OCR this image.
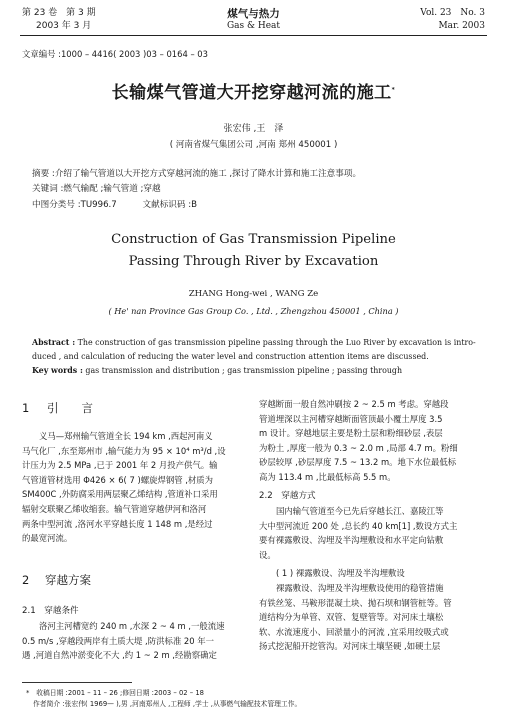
第 23 卷　第 3 期
2003 年 3 月
煤气与热力
Gas & Heat
Vol. 23　No. 3
Mar. 2003
文章编号 :1000 – 4416( 2003 )03 – 0164 – 03
长输煤气管道大开挖穿越河流的施工*
张宏伟 ,王　泽
( 河南省煤气集团公司 ,河南 郑州 450001 )
摘要 :介绍了输气管道以大开挖方式穿越河流的施工 ,探讨了降水计算和施工注意事项。
关键词 :燃气输配 ;输气管道 ;穿越
中图分类号 :TU996.7　　　文献标识码 :B
Construction of Gas Transmission Pipeline
Passing Through River by Excavation
ZHANG Hong-wei , WANG Ze
( He' nan Province Gas Group Co. , Ltd. , Zhengzhou 450001 , China )
Abstract : The construction of gas transmission pipeline passing through the Luo River by excavation is intro-
duced , and calculation of reducing the water level and construction attention items are discussed.
Key words : gas transmission and distribution ; gas transmission pipeline ; passing through
1 引　　言
义马—郑州输气管道全长 194 km ,西起河南义
马气化厂 ,东至郑州市 ,输气能力为 95 × 10⁴ m³/d ,设
计压力为 2.5 MPa ,已于 2001 年 2 月投产供气。输
气管道管材选用 Φ426 × 6( 7 )螺旋焊钢管 ,材质为
SM400C ,外防腐采用两层聚乙烯结构 ,管道补口采用
辐射交联聚乙烯收缩套。输气管道穿越伊河和洛河
两条中型河流 ,洛河水平穿越长度 1 148 m ,是经过
的最宽河流。
2 穿越方案
2.1　穿越条件
洛河主河槽宽约 240 m ,水深 2 ~ 4 m ,一般流速
0.5 m/s ,穿越段两岸有土质大堤 ,防洪标准 20 年一
遇 ,河道自然冲淤变化不大 ,约 1 ~ 2 m ,经勘察确定
穿越断面一般自然冲刷按 2 ~ 2.5 m 考虑。穿越段
管道埋深以主河槽穿越断面管顶最小覆土厚度 3.5
m 设计。穿越地层主要是粉土层和粉细砂层 ,表层
为粉土 ,厚度一般为 0.3 ~ 2.0 m ,局部 4.7 m。粉细
砂层较厚 ,砂层厚度 7.5 ~ 13.2 m。地下水位最低标
高为 113.4 m ,比最低标高 5.5 m。
2.2　穿越方式
国内输气管道至今已先后穿越长江、嘉陵江等
大中型河流近 200 处 ,总长约 40 km[1] ,数设方式主
要有裸露敷设、沟埋及半沟埋敷设和水平定向钻敷
设。
( 1 ) 裸露敷设、沟埋及半沟埋敷设
裸露敷设、沟埋及半沟埋敷设使用的稳管措施
有铁丝笼、马鞍形混凝土块、抛石坝和钢管桩等。管
道结构分为单管、双管、复壁管等。对河床土壤松
软、水流速度小、回淤量小的河流 ,宜采用绞吸式或
扬式挖泥船开挖管沟。对河床土壤坚硬 ,如硬土层
*　收稿日期 :2001 – 11 – 26 ;修回日期 :2003 – 02 – 18
作者简介 :张宏伟( 1969— ),男 ,河南郑州人 ,工程师 ,学士 ,从事燃气输配技术管理工作。
